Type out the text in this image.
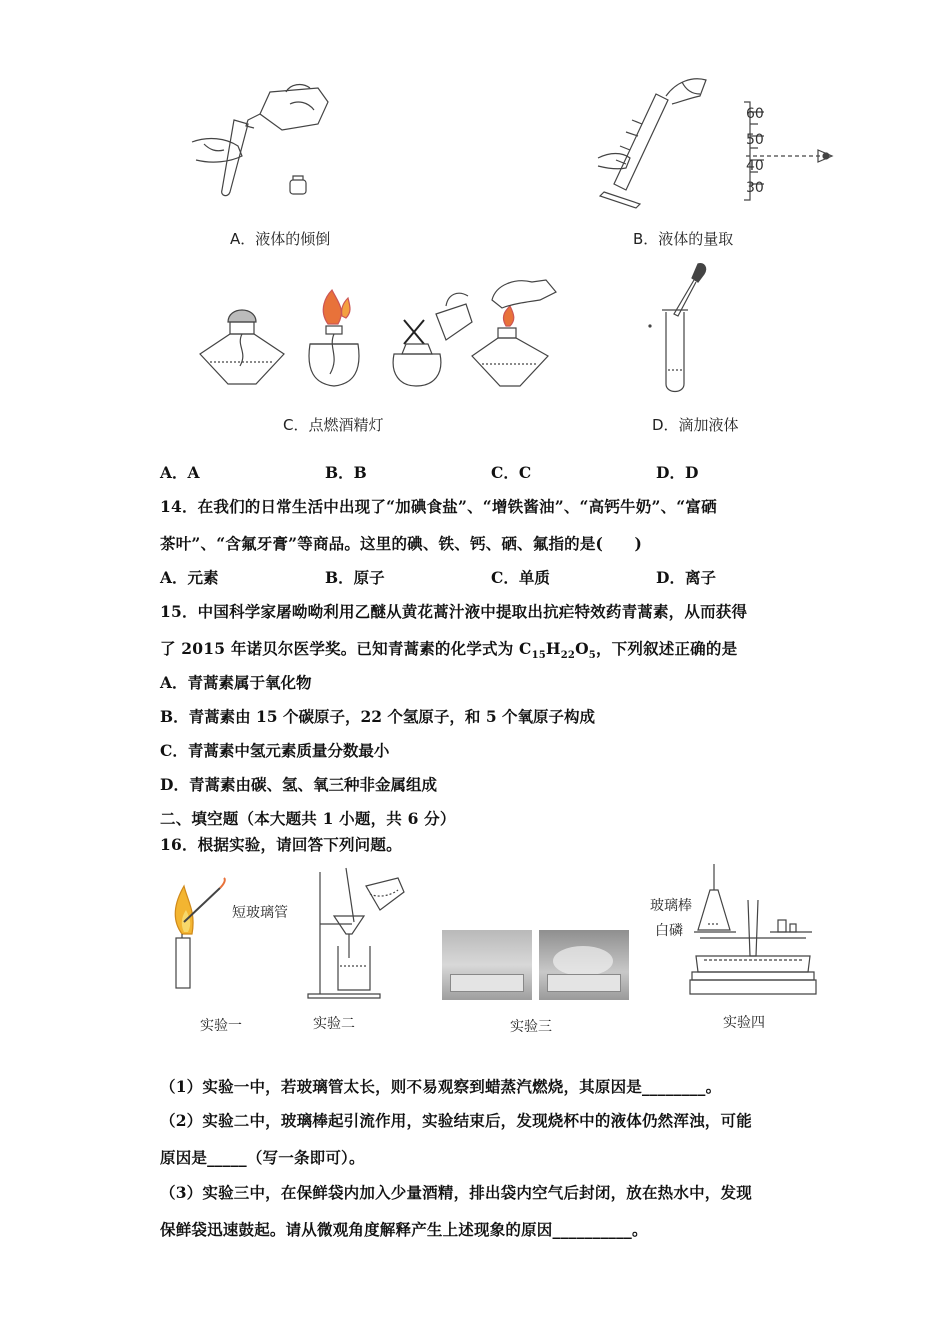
A．液体的倾倒
60
50
40
30
B．液体的量取
C．点燃酒精灯	D．滴加液体
A．A	B．B	C．C	D．D
14．在我们的日常生活中出现了“加碘食盐”、“增铁酱油”、“高钙牛奶”、“富硒
茶叶”、“含氟牙膏”等商品。这里的碘、铁、钙、硒、氟指的是(　　)
A．元素	B．原子	C．单质	D．离子
15．中国科学家屠呦呦利用乙醚从黄花蒿汁液中提取出抗疟特效药青蒿素，从而获得
了 2015 年诺贝尔医学奖。已知青蒿素的化学式为 $C_{15}H_{22}O_5$，下列叙述正确的是
A．青蒿素属于氧化物
B．青蒿素由 15 个碳原子，22 个氢原子，和 5 个氧原子构成
C．青蒿素中氢元素质量分数最小
D．青蒿素由碳、氢、氧三种非金属组成
二、填空题（本大题共 1 小题，共 6 分）
16．根据实验，请回答下列问题。
短玻璃管
实验一	实验二	实验三
玻璃棒
白磷
实验四
（1）实验一中，若玻璃管太长，则不易观察到蜡蒸汽燃烧，其原因是________。
（2）实验二中，玻璃棒起引流作用，实验结束后，发现烧杯中的液体仍然浑浊，可能
原因是_____（写一条即可）。
（3）实验三中，在保鲜袋内加入少量酒精，排出袋内空气后封闭，放在热水中，发现
保鲜袋迅速鼓起。请从微观角度解释产生上述现象的原因__________。
